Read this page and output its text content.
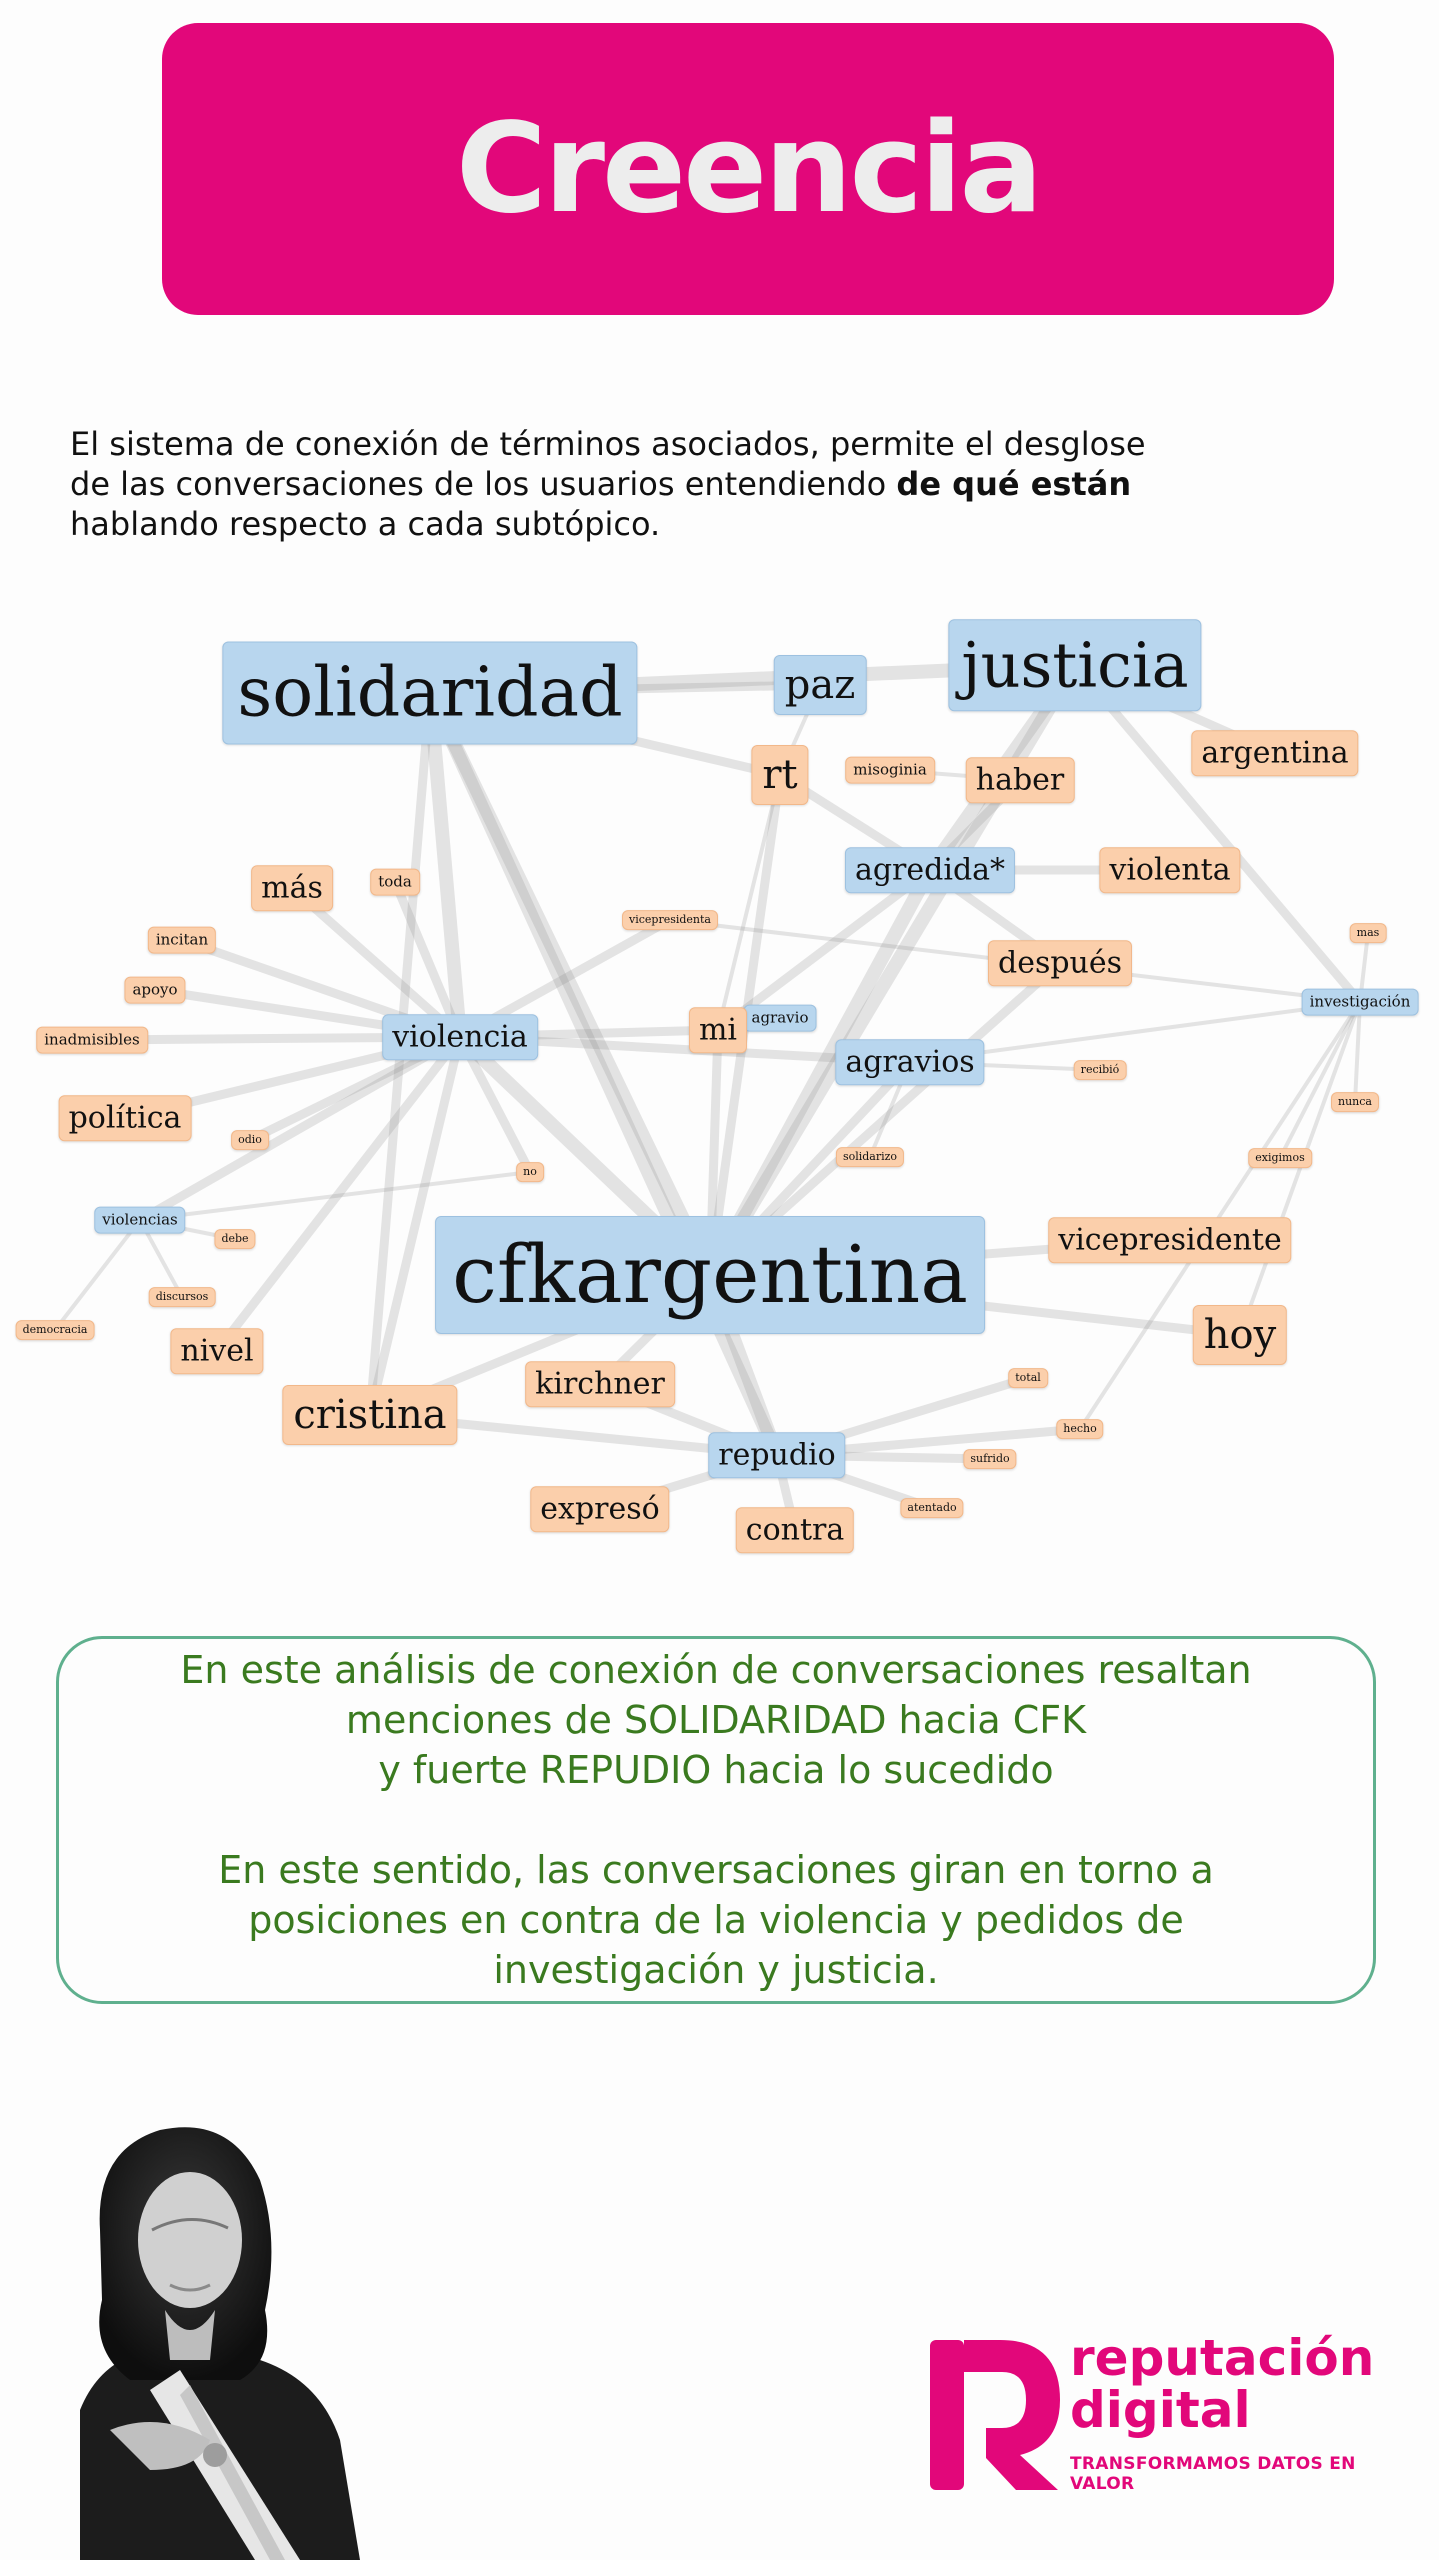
Creencia
El sistema de conexión de términos asociados, permite el desglose
de las conversaciones de los usuarios entendiendo de qué están
hablando respecto a cada subtópico.
solidaridad	justicia
paz
cfkargentina
violencia
agredida*
agravios
repudio
agravio
violencias
investigación
rt	haber
misoginia	argentina
violenta
después
más	toda
incitan
apoyo
inadmisibles
política
odio
vicepresidenta
mi
recibió
mas
nunca
exigimos
solidarizo
no
debe
discursos
democracia
nivel
cristina
kirchner
vicepresidente
hoy
total
hecho
sufrido
atentado
expresó
contra

En este análisis de conexión de conversaciones resaltan

menciones de SOLIDARIDAD hacia CFK

y fuerte REPUDIO hacia lo sucedido

En este sentido, las conversaciones giran en torno a

posiciones en contra de la violencia y pedidos de

investigación y justicia.

reputación
digital
TRANSFORMAMOS DATOS EN VALOR
